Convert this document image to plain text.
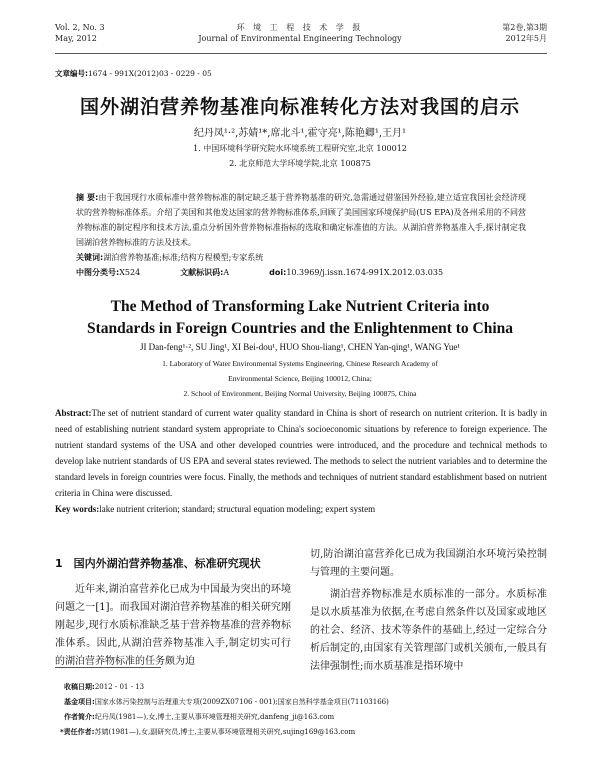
Vol. 2, No. 3
May, 2012
环 境 工 程 技 术 学 报
Journal of Environmental Engineering Technology
第2卷,第3期
2012年5月
文章编号:1674 - 991X(2012)03 - 0229 - 05
国外湖泊营养物基准向标准转化方法对我国的启示
纪丹凤¹·²,苏婧¹*,席北斗¹,霍守亮¹,陈艳卿¹,王月¹
1. 中国环境科学研究院水环境系统工程研究室,北京 100012
2. 北京师范大学环境学院,北京 100875
摘 要:由于我国现行水质标准中营养物标准的制定缺乏基于营养物基准的研究,急需通过借鉴国外经验,建立适宜我国社会经济现状的营养物标准体系。介绍了美国和其他发达国家的营养物标准体系,回顾了美国国家环境保护局(US EPA)及各州采用的不同营养物标准的制定程序和技术方法,重点分析国外营养物标准指标的选取和确定标准值的方法。从湖泊营养物基准入手,探讨制定我国湖泊营养物标准的方法及技术。
关键词:湖泊营养物基准;标准;结构方程模型;专家系统
中图分类号:X524	文献标识码:A	doi:10.3969/j.issn.1674-991X.2012.03.035
The Method of Transforming Lake Nutrient Criteria into
Standards in Foreign Countries and the Enlightenment to China
JI Dan-feng¹·², SU Jing¹, XI Bei-dou¹, HUO Shou-liang¹, CHEN Yan-qing¹, WANG Yue¹
1. Laboratory of Water Environmental Systems Engineering, Chinese Research Academy of
Environmental Science, Beijing 100012, China;
2. School of Environment, Beijing Normal University, Beijing 100875, China
Abstract:The set of nutrient standard of current water quality standard in China is short of research on nutrient criterion. It is badly in need of establishing nutrient standard system appropriate to China's socioeconomic situations by reference to foreign experience. The nutrient standard systems of the USA and other developed countries were introduced, and the procedure and technical methods to develop lake nutrient standards of US EPA and several states reviewed. The methods to select the nutrient variables and to determine the standard levels in foreign countries were focus. Finally, the methods and techniques of nutrient standard establishment based on nutrient criteria in China were discussed.
Key words:lake nutrient criterion; standard; structural equation modeling; expert system
1　国内外湖泊营养物基准、标准研究现状
近年来,湖泊富营养化已成为中国最为突出的环境问题之一[1]。而我国对湖泊营养物基准的相关研究刚刚起步,现行水质标准缺乏基于营养物基准的营养物标准体系。因此,从湖泊营养物基准入手,制定切实可行的湖泊营养物标准的任务颇为迫
切,防治湖泊富营养化已成为我国湖泊水环境污染控制与管理的主要问题。
湖泊营养物标准是水质标准的一部分。水质标准是以水质基准为依据,在考虑自然条件以及国家或地区的社会、经济、技术等条件的基础上,经过一定综合分析后制定的,由国家有关管理部门或机关颁布,一般具有法律强制性;而水质基准是指环境中
收稿日期:2012 - 01 - 13
基金项目:国家水体污染控制与治理重大专项(2009ZX07106 - 001);国家自然科学基金项目(71103166)
作者简介:纪丹凤(1981—),女,博士,主要从事环境管理相关研究,danfeng_ji@163.com
*责任作者:苏婧(1981—),女,副研究员,博士,主要从事环境管理相关研究,sujing169@163.com
